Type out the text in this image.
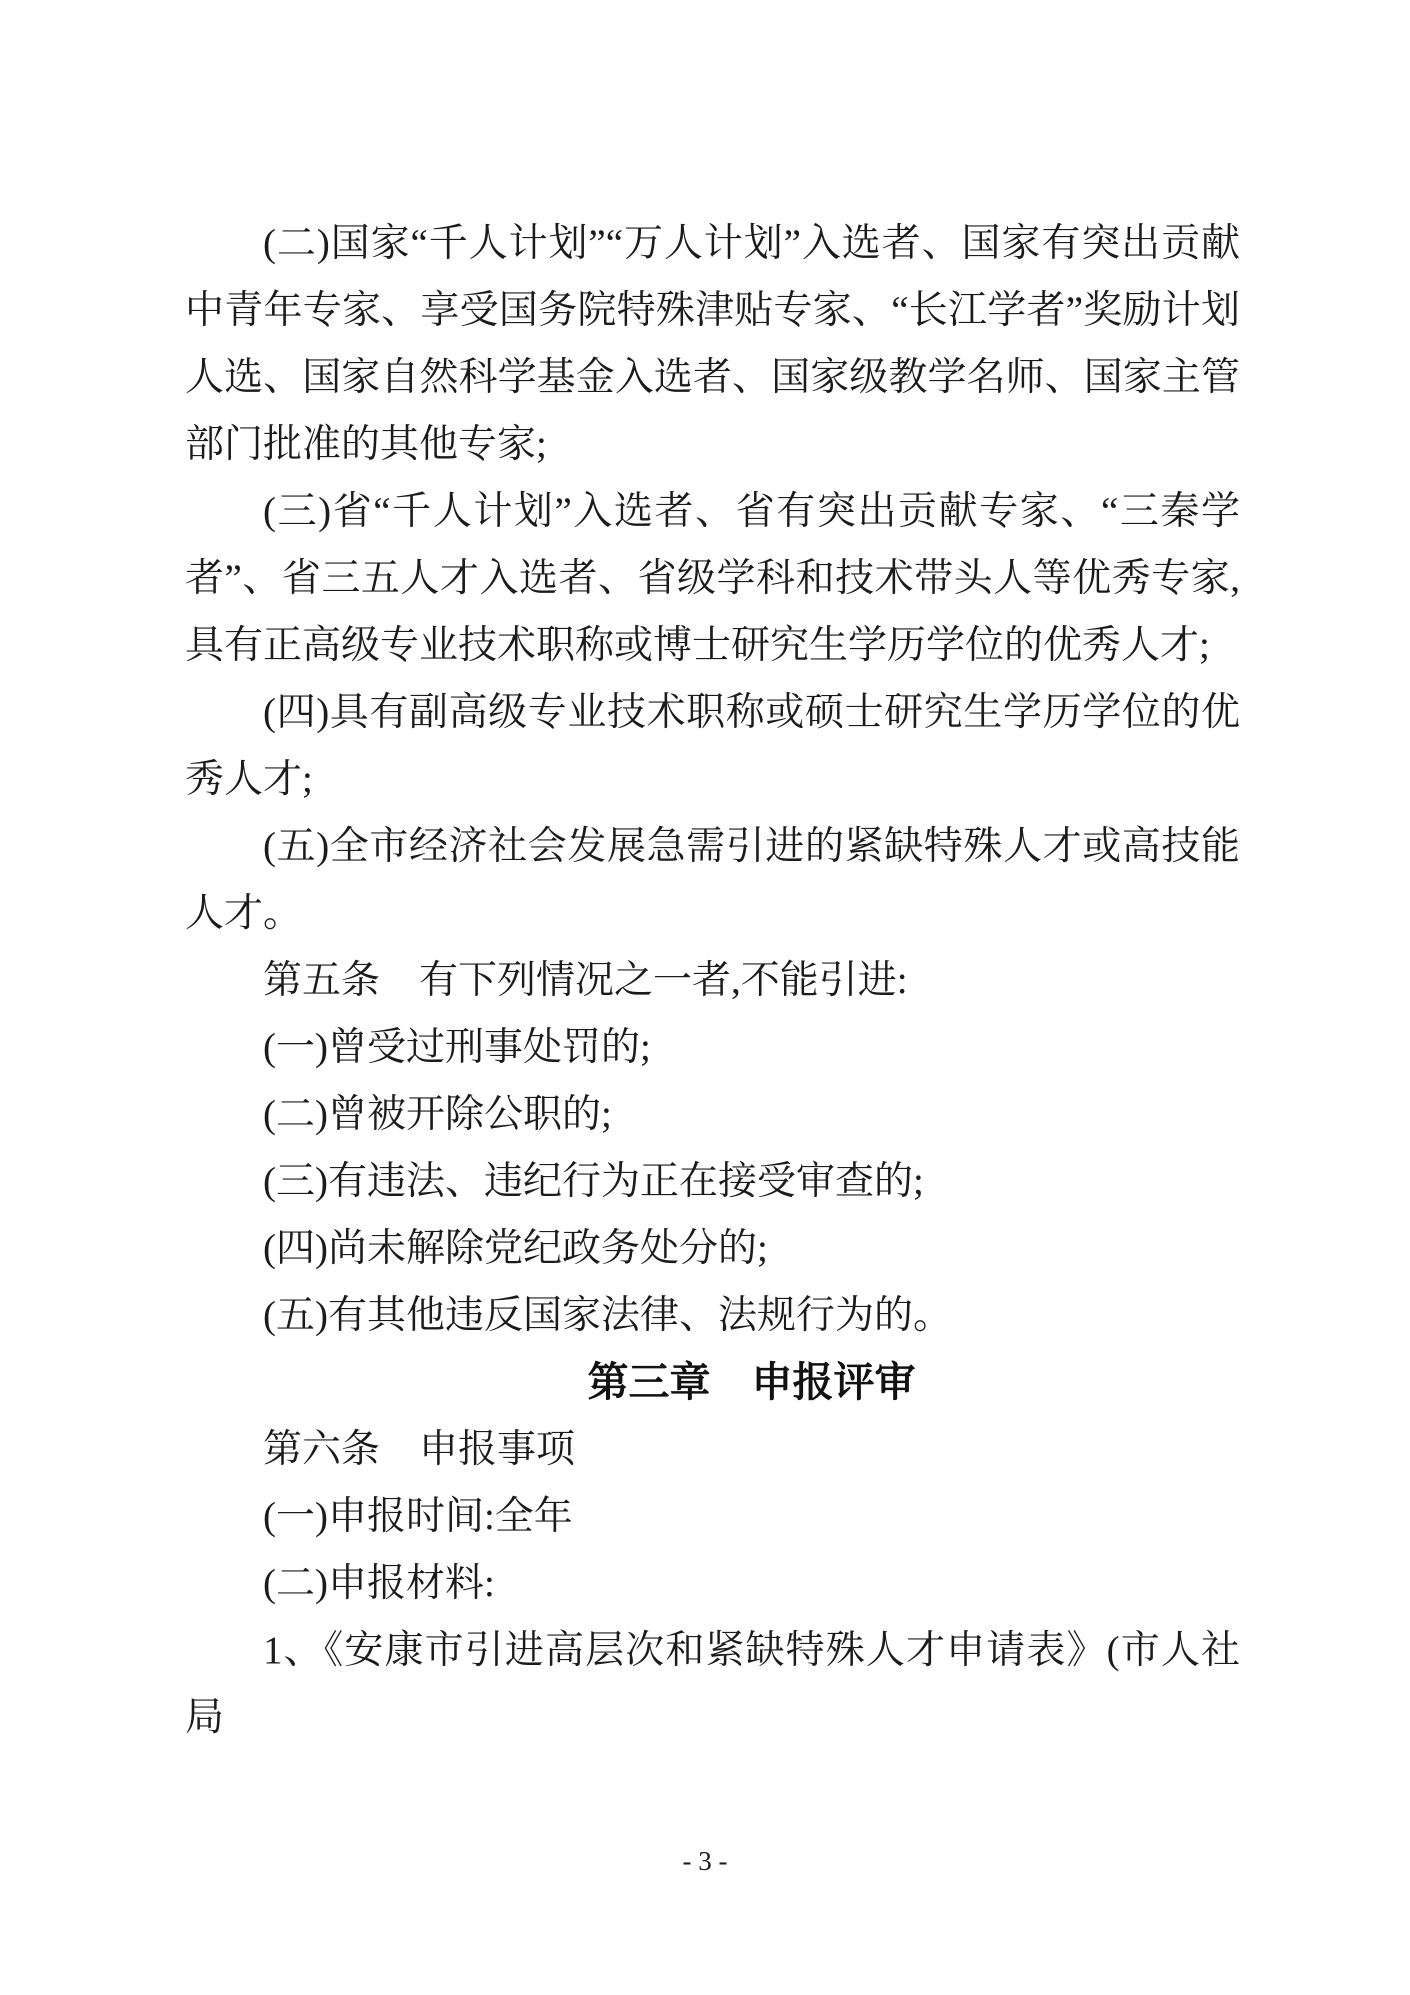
(二)国家“千人计划”“万人计划”入选者、国家有突出贡献中青年专家、享受国务院特殊津贴专家、“长江学者”奖励计划人选、国家自然科学基金入选者、国家级教学名师、国家主管部门批准的其他专家;

(三)省“千人计划”入选者、省有突出贡献专家、“三秦学者”、省三五人才入选者、省级学科和技术带头人等优秀专家,具有正高级专业技术职称或博士研究生学历学位的优秀人才;

(四)具有副高级专业技术职称或硕士研究生学历学位的优秀人才;

(五)全市经济社会发展急需引进的紧缺特殊人才或高技能人才。

第五条　有下列情况之一者,不能引进:

(一)曾受过刑事处罚的;

(二)曾被开除公职的;

(三)有违法、违纪行为正在接受审查的;

(四)尚未解除党纪政务处分的;

(五)有其他违反国家法律、法规行为的。

第三章　申报评审

第六条　申报事项

(一)申报时间:全年

(二)申报材料:

1、《安康市引进高层次和紧缺特殊人才申请表》(市人社局

- 3 -
